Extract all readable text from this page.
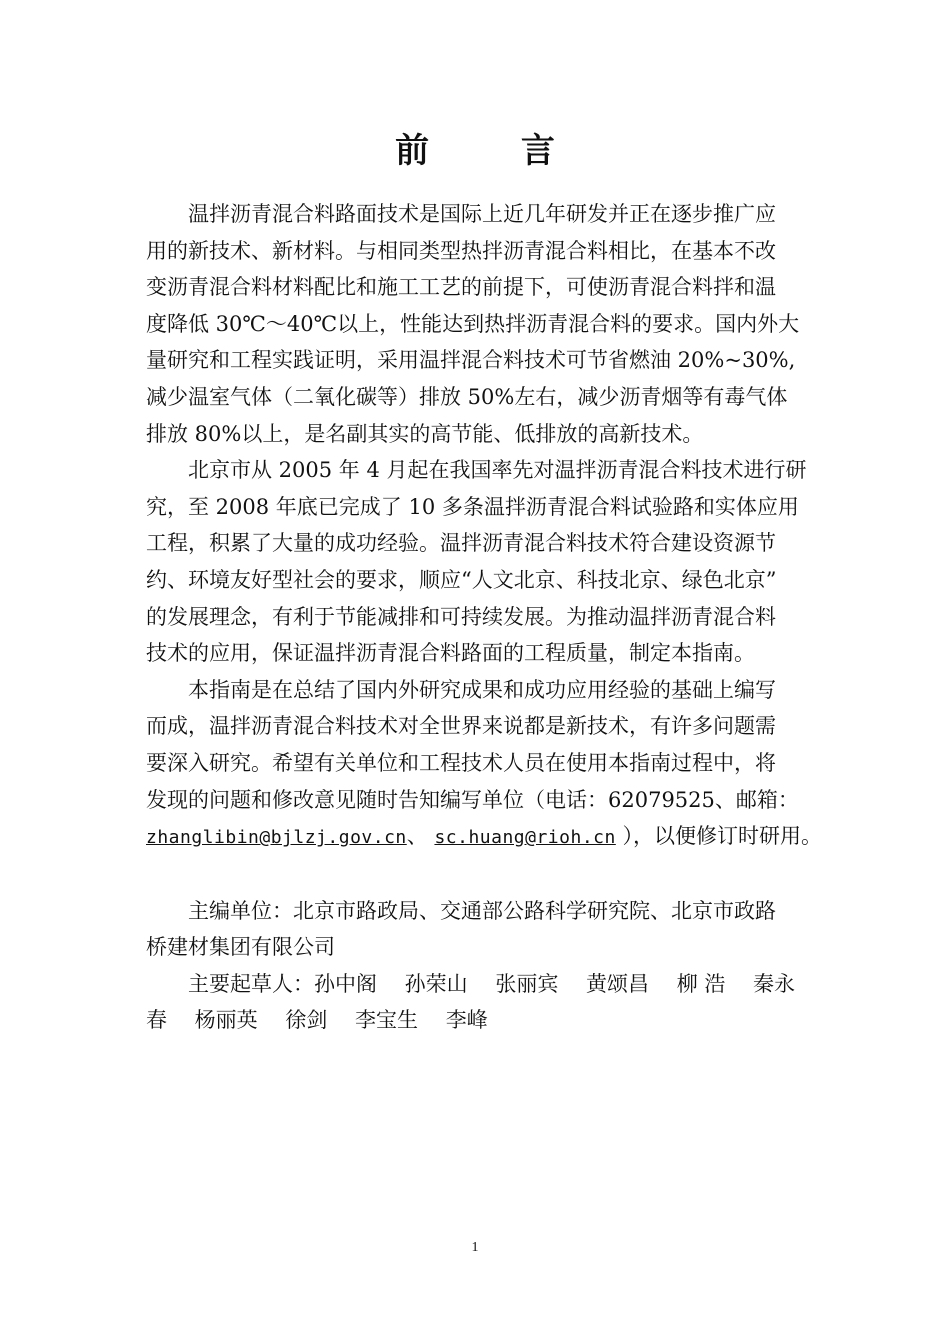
前 言
温拌沥青混合料路面技术是国际上近几年研发并正在逐步推广应
用的新技术、新材料。与相同类型热拌沥青混合料相比，在基本不改
变沥青混合料材料配比和施工工艺的前提下，可使沥青混合料拌和温
度降低 30℃～40℃以上，性能达到热拌沥青混合料的要求。国内外大
量研究和工程实践证明，采用温拌混合料技术可节省燃油 20%~30%,
减少温室气体（二氧化碳等）排放 50%左右，减少沥青烟等有毒气体
排放 80%以上，是名副其实的高节能、低排放的高新技术。
北京市从 2005 年 4 月起在我国率先对温拌沥青混合料技术进行研
究，至 2008 年底已完成了 10 多条温拌沥青混合料试验路和实体应用
工程，积累了大量的成功经验。温拌沥青混合料技术符合建设资源节
约、环境友好型社会的要求，顺应“人文北京、科技北京、绿色北京”
的发展理念，有利于节能减排和可持续发展。为推动温拌沥青混合料
技术的应用，保证温拌沥青混合料路面的工程质量，制定本指南。
本指南是在总结了国内外研究成果和成功应用经验的基础上编写
而成，温拌沥青混合料技术对全世界来说都是新技术，有许多问题需
要深入研究。希望有关单位和工程技术人员在使用本指南过程中，将
发现的问题和修改意见随时告知编写单位（电话：62079525、邮箱：
zhanglibin@bjlzj.gov.cn、 sc.huang@rioh.cn ），以便修订时研用。
主编单位：北京市路政局、交通部公路科学研究院、北京市政路
桥建材集团有限公司
主要起草人：孙中阁　 孙荣山　 张丽宾　 黄颂昌　 柳 浩　 秦永
春　 杨丽英　 徐剑　 李宝生　 李峰
1
